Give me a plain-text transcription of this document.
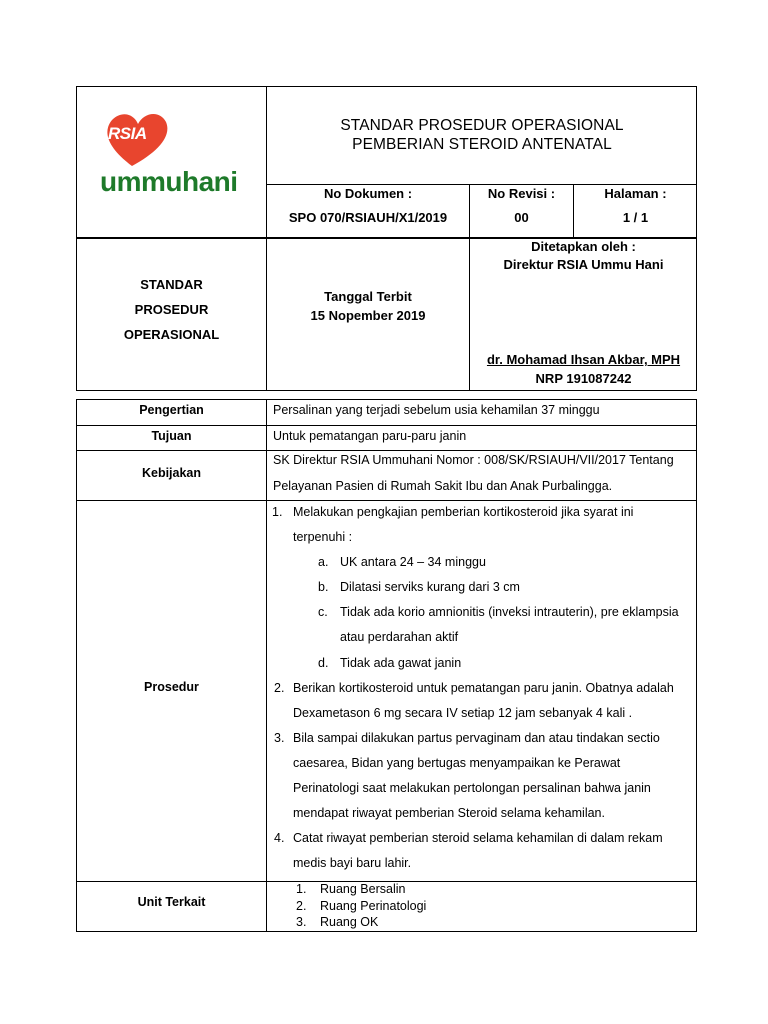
RSIA
ummuhani
STANDAR PROSEDUR OPERASIONAL
PEMBERIAN STEROID ANTENATAL
No Dokumen :
SPO 070/RSIAUH/X1/2019
No Revisi :
00
Halaman :
1 / 1
STANDAR
PROSEDUR
OPERASIONAL
Tanggal Terbit
15 Nopember 2019
Ditetapkan oleh :
Direktur RSIA Ummu Hani
dr. Mohamad Ihsan Akbar, MPH
NRP 191087242
Pengertian	Persalinan yang terjadi sebelum usia kehamilan 37 minggu
Tujuan	Untuk pematangan paru-paru janin
Kebijakan
SK Direktur RSIA Ummuhani Nomor : 008/SK/RSIAUH/VII/2017 Tentang
Pelayanan Pasien di Rumah Sakit Ibu dan Anak Purbalingga.
Prosedur
1. Melakukan pengkajian pemberian kortikosteroid jika syarat ini
terpenuhi :
a. UK antara 24 – 34 minggu
b. Dilatasi serviks kurang dari 3 cm
c. Tidak ada korio amnionitis (inveksi intrauterin), pre eklampsia
atau perdarahan aktif
d. Tidak ada gawat janin
2. Berikan kortikosteroid untuk pematangan paru janin. Obatnya adalah
Dexametason 6 mg secara IV setiap 12 jam sebanyak 4 kali .
3. Bila sampai dilakukan partus pervaginam dan atau tindakan sectio
caesarea, Bidan yang bertugas menyampaikan ke Perawat
Perinatologi saat melakukan pertolongan persalinan bahwa janin
mendapat riwayat pemberian Steroid selama kehamilan.
4. Catat riwayat pemberian steroid selama kehamilan di dalam rekam
medis bayi baru lahir.
Unit Terkait
1. Ruang Bersalin
2. Ruang Perinatologi
3. Ruang OK
